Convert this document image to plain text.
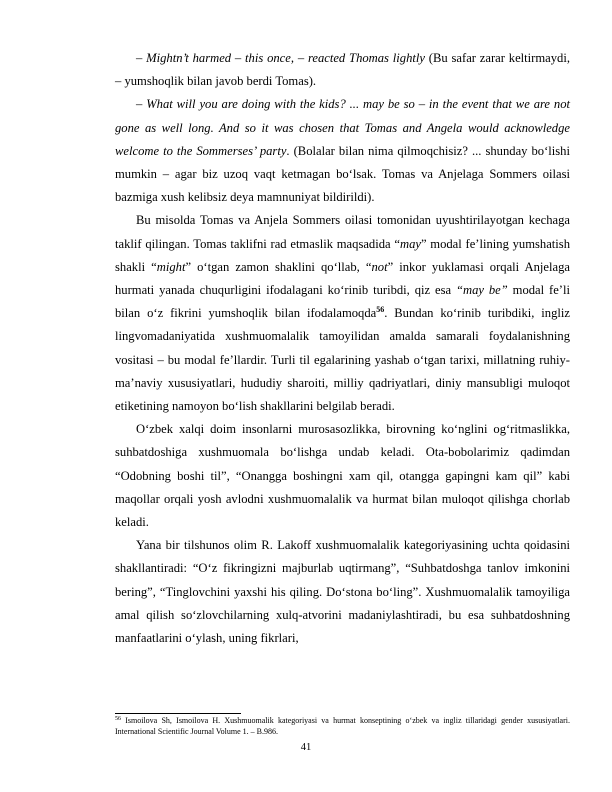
– Mightn’t harmed – this once, – reacted Thomas lightly (Bu safar zarar keltirmaydi, – yumshoqlik bilan javob berdi Tomas).

– What will you are doing with the kids? ... may be so – in the event that we are not gone as well long. And so it was chosen that Tomas and Angela would acknowledge welcome to the Sommerses’ party. (Bolalar bilan nima qilmoqchisiz? ... shunday bo‘lishi mumkin – agar biz uzoq vaqt ketmagan bo‘lsak. Tomas va Anjelaga Sommers oilasi bazmiga xush kelibsiz deya mamnuniyat bildirildi).

Bu misolda Tomas va Anjela Sommers oilasi tomonidan uyushtirilayotgan kechaga taklif qilingan. Tomas taklifni rad etmaslik maqsadida “may” modal fe’lining yumshatish shakli “might” o‘tgan zamon shaklini qo‘llab, “not” inkor yuklamasi orqali Anjelaga hurmati yanada chuqurligini ifodalagani ko‘rinib turibdi, qiz esa “may be” modal fe’li bilan o‘z fikrini yumshoqlik bilan ifodalamoqda$^{56}$. Bundan ko‘rinib turibdiki, ingliz lingvomadaniyatida xushmuomalalik tamoyilidan amalda samarali foydalanishning vositasi – bu modal fe’llardir. Turli til egalarining yashab o‘tgan tarixi, millatning ruhiy-ma’naviy xususiyatlari, hududiy sharoiti, milliy qadriyatlari, diniy mansubligi muloqot etiketining namoyon bo‘lish shakllarini belgilab beradi.

O‘zbek xalqi doim insonlarni murosasozlikka, birovning ko‘nglini og‘ritmaslikka, suhbatdoshiga xushmuomala bo‘lishga undab keladi. Ota-bobolarimiz qadimdan “Odobning boshi til”, “Onangga boshingni xam qil, otangga gapingni kam qil” kabi maqollar orqali yosh avlodni xushmuomalalik va hurmat bilan muloqot qilishga chorlab keladi.

Yana bir tilshunos olim R. Lakoff xushmuomalalik kategoriyasining uchta qoidasini shakllantiradi: “O‘z fikringizni majburlab uqtirmang”, “Suhbatdoshga tanlov imkonini bering”, “Tinglovchini yaxshi his qiling. Do‘stona bo‘ling”. Xushmuomalalik tamoyiliga amal qilish so‘zlovchilarning xulq-atvorini madaniylashtiradi, bu esa suhbatdoshning manfaatlarini o‘ylash, uning fikrlari,

$^{56}$ Ismoilova Sh, Ismoilova H. Xushmuomalik kategoriyasi va hurmat konseptining o‘zbek va ingliz tillaridagi gender xususiyatlari. International Scientific Journal Volume 1. – B.986.
41
